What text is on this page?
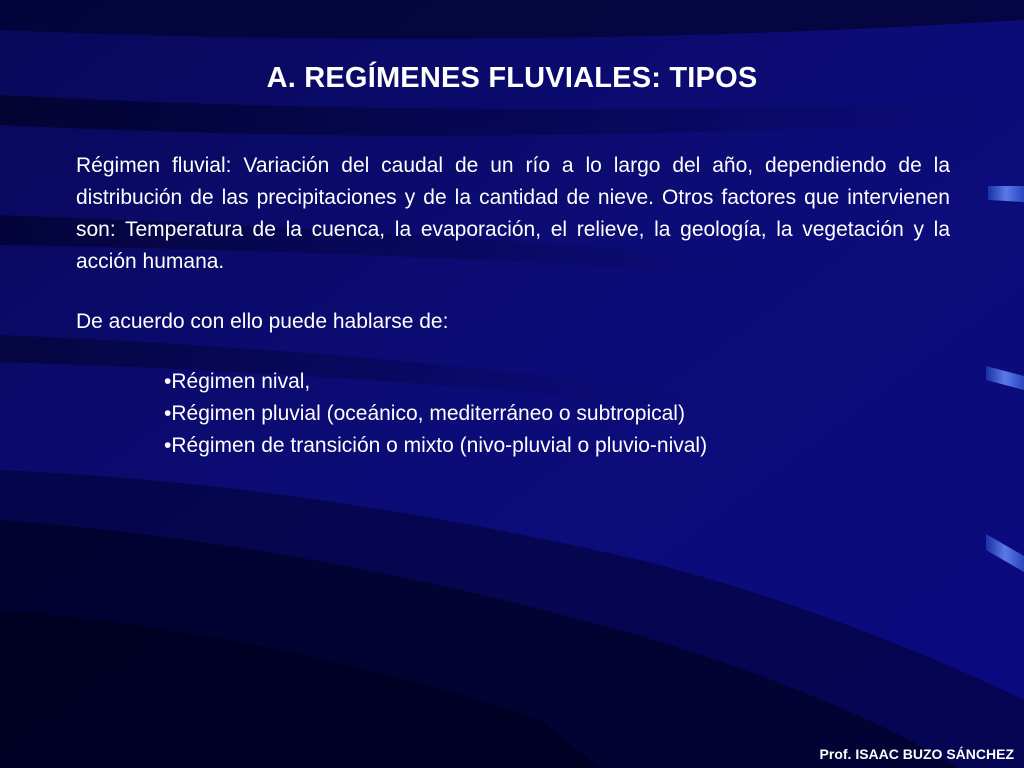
A. REGÍMENES FLUVIALES: TIPOS

Régimen fluvial: Variación del caudal de un río a lo largo del año, dependiendo de la distribución de las precipitaciones y de la cantidad de nieve. Otros factores que intervienen son: Temperatura de la cuenca, la evaporación, el relieve, la geología, la vegetación y la acción humana.

De acuerdo con ello puede hablarse de:

•Régimen nival,
•Régimen pluvial (oceánico, mediterráneo o subtropical)
•Régimen de transición o mixto (nivo-pluvial o pluvio-nival)

Prof. ISAAC BUZO SÁNCHEZ
